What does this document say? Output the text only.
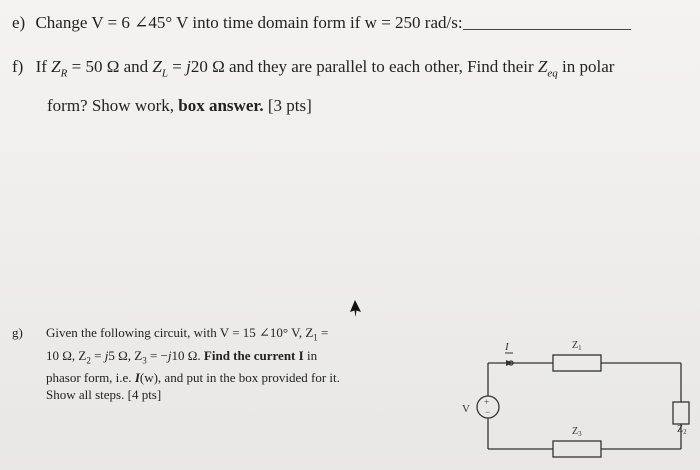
e) Change V = 6 ∠45° V into time domain form if w = 250 rad/s:
f) If $Z_R = 50$ Ω and $Z_L = j20$ Ω and they are parallel to each other, Find their $Z_{eq}$ in polar
form? Show work, box answer. [3 pts]
g) Given the following circuit, with V = 15 ∠10° V, $Z_1$ =
10 Ω, $Z_2 = j5$ Ω, $Z_3 = -j10$ Ω. Find the current I in
phasor form, i.e. I(w), and put in the box provided for it.
Show all steps. [4 pts]	+
−
I
V
$Z_1$
$Z_3$	$Z_2$
